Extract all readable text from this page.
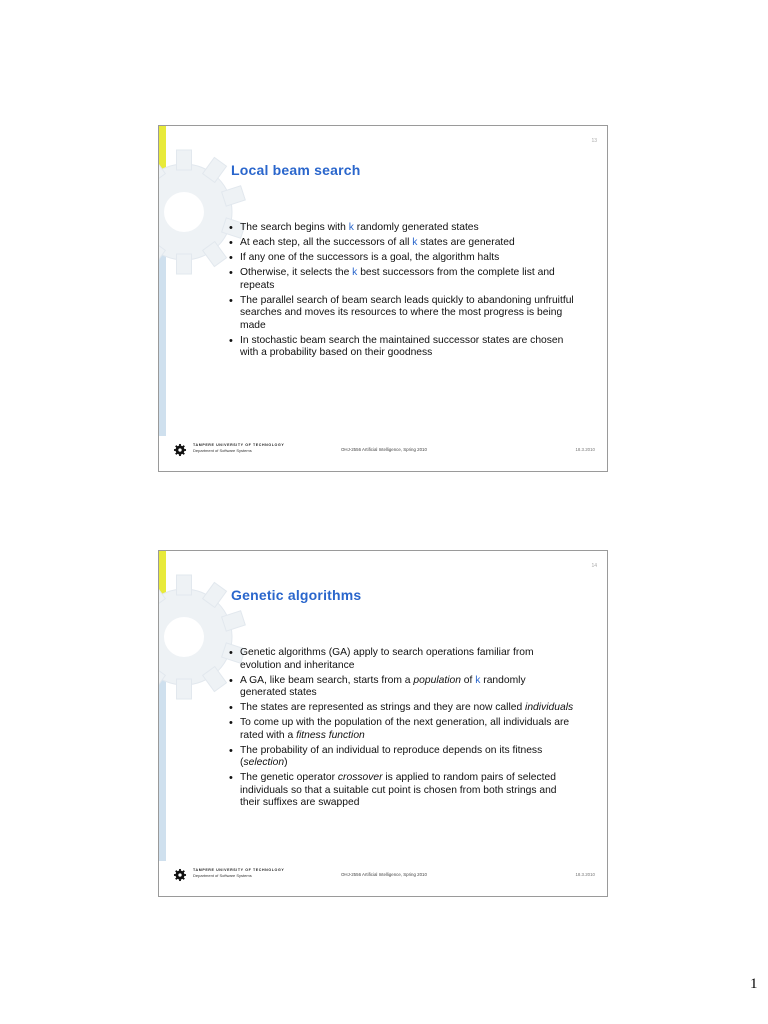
13
Local beam search
• The search begins with k randomly generated states
• At each step, all the successors of all k states are generated
• If any one of the successors is a goal, the algorithm halts
• Otherwise, it selects the k best successors from the complete list and repeats
• The parallel search of beam search leads quickly to abandoning unfruitful searches and moves its resources to where the most progress is being made
• In stochastic beam search the maintained successor states are chosen with a probability based on their goodness
TAMPERE UNIVERSITY OF TECHNOLOGY
Department of Software Systems	OHJ-2556 Artificial Intelligence, Spring 2010	18.3.2010
14
Genetic algorithms
• Genetic algorithms (GA) apply to search operations familiar from evolution and inheritance
• A GA, like beam search, starts from a population of k randomly generated states
• The states are represented as strings and they are now called individuals
• To come up with the population of the next generation, all individuals are rated with a fitness function
• The probability of an individual to reproduce depends on its fitness (selection)
• The genetic operator crossover is applied to random pairs of selected individuals so that a suitable cut point is chosen from both strings and their suffixes are swapped
TAMPERE UNIVERSITY OF TECHNOLOGY
Department of Software Systems	OHJ-2556 Artificial Intelligence, Spring 2010	18.3.2010
1
